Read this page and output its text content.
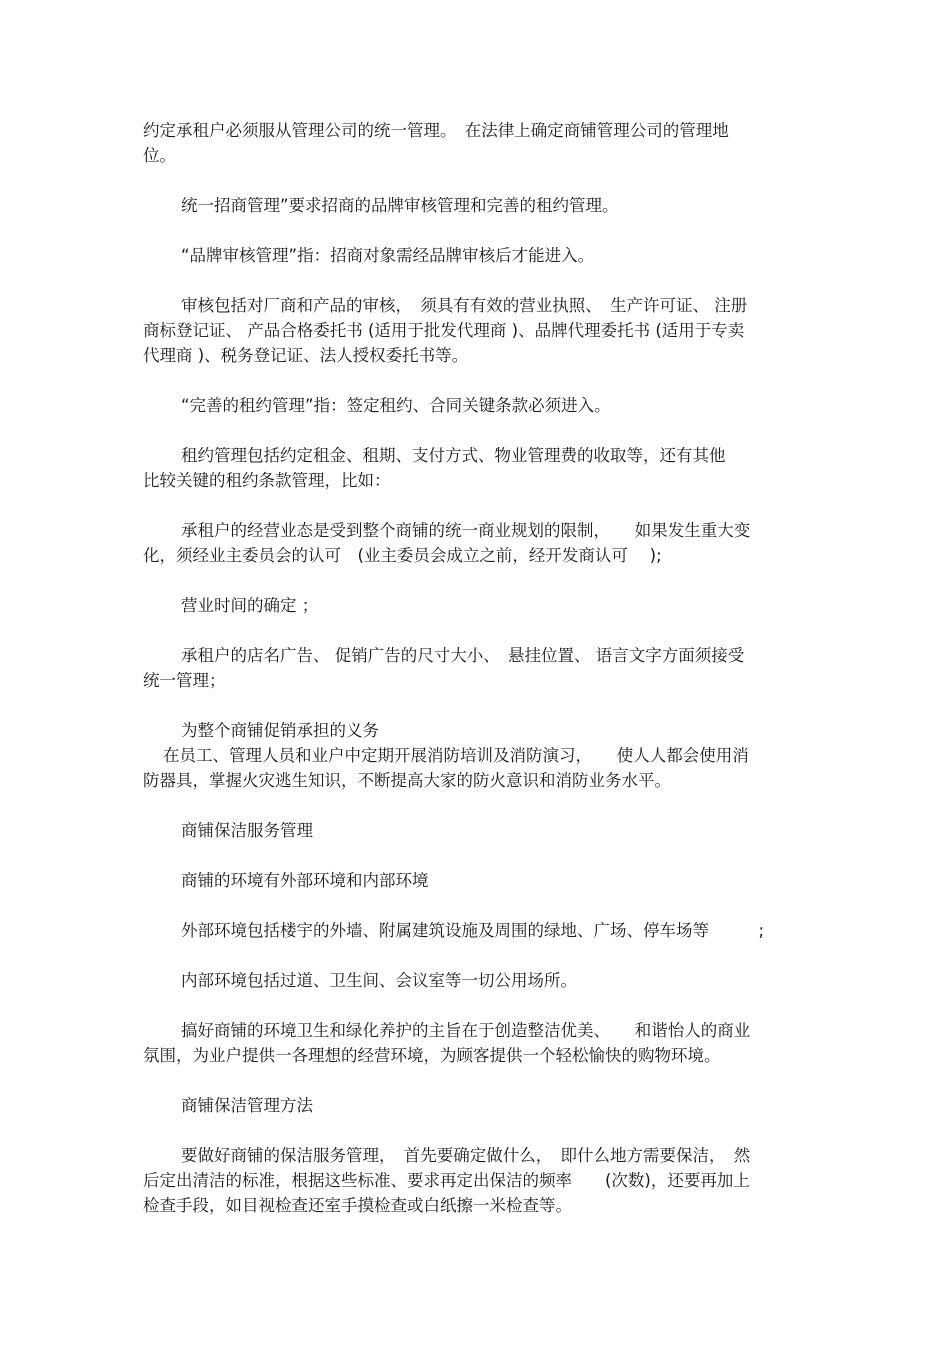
约定承租户必须服从管理公司的统一管理。　在法律上确定商铺管理公司的管理地
位。

统一招商管理”要求招商的品牌审核管理和完善的租约管理。

“品牌审核管理”指：招商对象需经品牌审核后才能进入。

审核包括对厂商和产品的审核，　须具有有效的营业执照、　生产许可证、 注册
商标登记证、 产品合格委托书 (适用于批发代理商 )、品牌代理委托书 (适用于专卖
代理商 )、税务登记证、法人授权委托书等。

“完善的租约管理”指：签定租约、合同关键条款必须进入。

租约管理包括约定租金、租期、支付方式、物业管理费的收取等，还有其他
比较关键的租约条款管理，比如：

承租户的经营业态是受到整个商铺的统一商业规划的限制，　　如果发生重大变
化，须经业主委员会的认可　(业主委员会成立之前，经开发商认可　 );

营业时间的确定 ；

承租户的店名广告、 促销广告的尺寸大小、　悬挂位置、 语言文字方面须接受
统一管理；

为整个商铺促销承担的义务

在员工、管理人员和业户中定期开展消防培训及消防演习，　　使人人都会使用消
防器具，掌握火灾逃生知识，不断提高大家的防火意识和消防业务水平。

商铺保洁服务管理

商铺的环境有外部环境和内部环境

外部环境包括楼宇的外墙、附属建筑设施及周围的绿地、广场、停车场等　　　;

内部环境包括过道、卫生间、会议室等一切公用场所。

搞好商铺的环境卫生和绿化养护的主旨在于创造整洁优美、　　和谐怡人的商业
氛围，为业户提供一各理想的经营环境，为顾客提供一个轻松愉快的购物环境。

商铺保洁管理方法

要做好商铺的保洁服务管理，　首先要确定做什么，　即什么地方需要保洁，　然
后定出清洁的标准，根据这些标准、要求再定出保洁的频率　　(次数)，还要再加上
检查手段，如目视检查还室手摸检查或白纸擦一米检查等。
